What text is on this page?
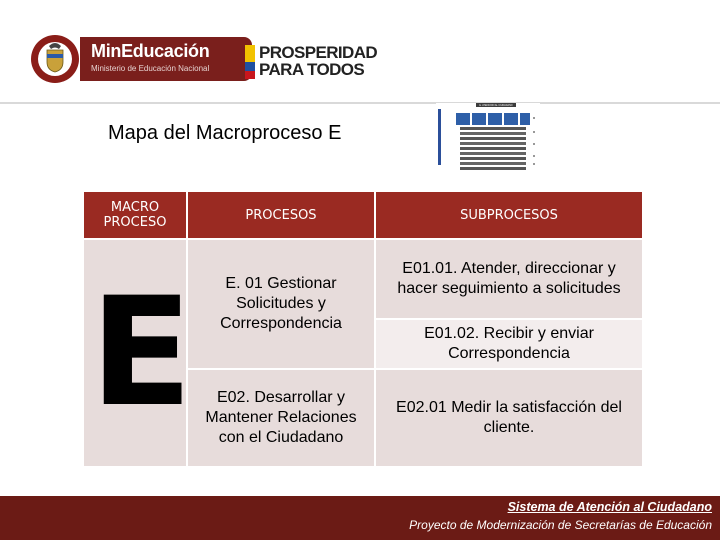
MinEducación
Ministerio de Educación Nacional
PROSPERIDAD
PARA TODOS
Mapa del Macroproceso E
E. ATENCION AL CIUDADANO
MACRO PROCESO	PROCESOS	SUBPROCESOS
E	E. 01 Gestionar Solicitudes y Correspondencia	E01.01. Atender, direccionar y hacer seguimiento a solicitudes
		E01.02. Recibir y enviar Correspondencia
	E02. Desarrollar y Mantener Relaciones con el Ciudadano	E02.01 Medir la satisfacción del cliente.
Sistema de Atención al Ciudadano
Proyecto de Modernización de Secretarías de Educación
